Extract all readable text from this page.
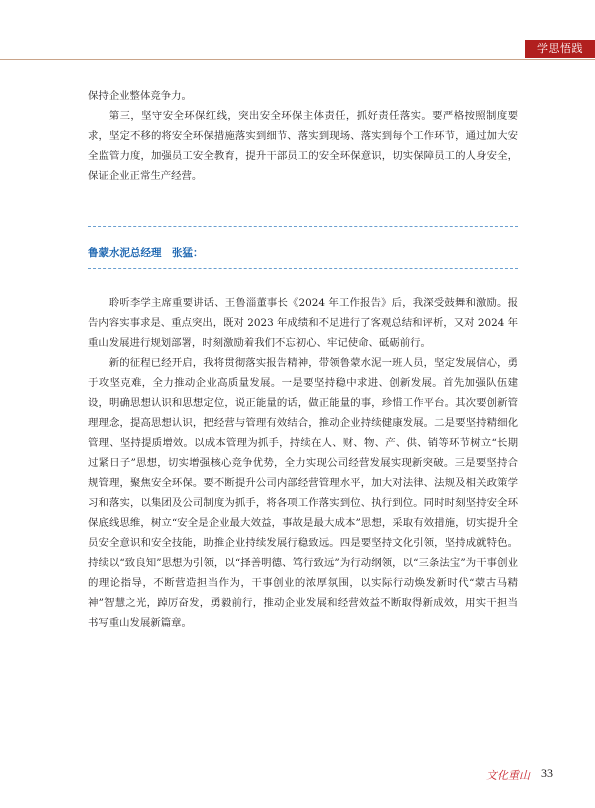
学思悟践

保持企业整体竞争力。

第三，坚守安全环保红线，突出安全环保主体责任，抓好责任落实。要严格按照制度要求，坚定不移的将安全环保措施落实到细节、落实到现场、落实到每个工作环节，通过加大安全监管力度，加强员工安全教育，提升干部员工的安全环保意识，切实保障员工的人身安全，保证企业正常生产经营。

鲁蒙水泥总经理　张猛：

聆听李学主席重要讲话、王鲁淄董事长《2024 年工作报告》后，我深受鼓舞和激励。报告内容实事求是、重点突出，既对 2023 年成绩和不足进行了客观总结和评析，又对 2024 年重山发展进行规划部署，时刻激励着我们不忘初心、牢记使命、砥砺前行。

新的征程已经开启，我将贯彻落实报告精神，带领鲁蒙水泥一班人员，坚定发展信心，勇于攻坚克难，全力推动企业高质量发展。一是要坚持稳中求进、创新发展。首先加强队伍建设，明确思想认识和思想定位，说正能量的话，做正能量的事，珍惜工作平台。其次要创新管理理念，提高思想认识，把经营与管理有效结合，推动企业持续健康发展。二是要坚持精细化管理、坚持提质增效。以成本管理为抓手，持续在人、财、物、产、供、销等环节树立“长期过紧日子”思想，切实增强核心竞争优势，全力实现公司经营发展实现新突破。三是要坚持合规管理，聚焦安全环保。要不断提升公司内部经营管理水平，加大对法律、法规及相关政策学习和落实，以集团及公司制度为抓手，将各项工作落实到位、执行到位。同时时刻坚持安全环保底线思维，树立“安全是企业最大效益，事故是最大成本”思想，采取有效措施，切实提升全员安全意识和安全技能，助推企业持续发展行稳致远。四是要坚持文化引领，坚持成就特色。持续以“致良知”思想为引领，以“择善明德、笃行致远”为行动纲领，以“三条法宝”为干事创业的理论指导，不断营造担当作为，干事创业的浓厚氛围，以实际行动焕发新时代“蒙古马精神”智慧之光，踔厉奋发，勇毅前行，推动企业发展和经营效益不断取得新成效，用实干担当书写重山发展新篇章。

文化重山 33
